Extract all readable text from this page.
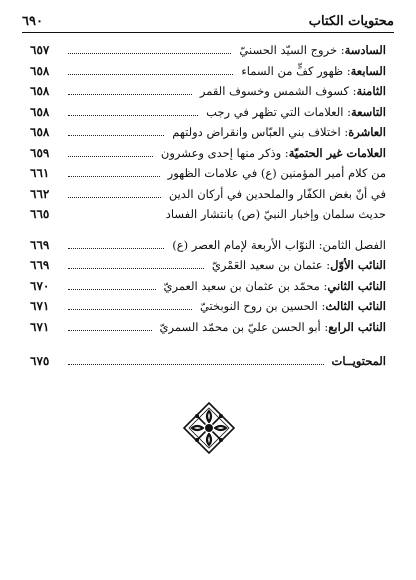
٦٩٠	محتويات الكتاب
السادسة: خروج السيّد الحسنيّ
٦٥٧
السابعة: ظهور كفٍّ من السماء
٦٥٨
الثامنة: كسوف الشمس وخسوف القمر
٦٥٨
التاسعة: العلامات التي تظهر في رجب
٦٥٨
العاشرة: اختلاف بني العبّاس وانقراض دولتهم
٦٥٨
العلامات غير الحتميّة: وذكر منها إحدى وعشرون
٦٥٩
من كلام أمير المؤمنين (ع) في علامات الظهور
٦٦١
في أنّ بغض الكفّار والملحدين في أركان الدين
٦٦٢
حديث سلمان وإخبار النبيّ (ص) بانتشار الفساد
٦٦٥
الفصل الثامن: النوّاب الأربعة لإمام العصر (ع)
٦٦٩
النائب الأوّل: عثمان بن سعيد العَمْريّ
٦٦٩
النائب الثاني: محمّد بن عثمان بن سعيد العمريّ
٦٧٠
النائب الثالث: الحسين بن روح النوبختيّ
٦٧١
النائب الرابع: أبو الحسن عليّ بن محمّد السمريّ
٦٧١
المحتويــات
٦٧٥
